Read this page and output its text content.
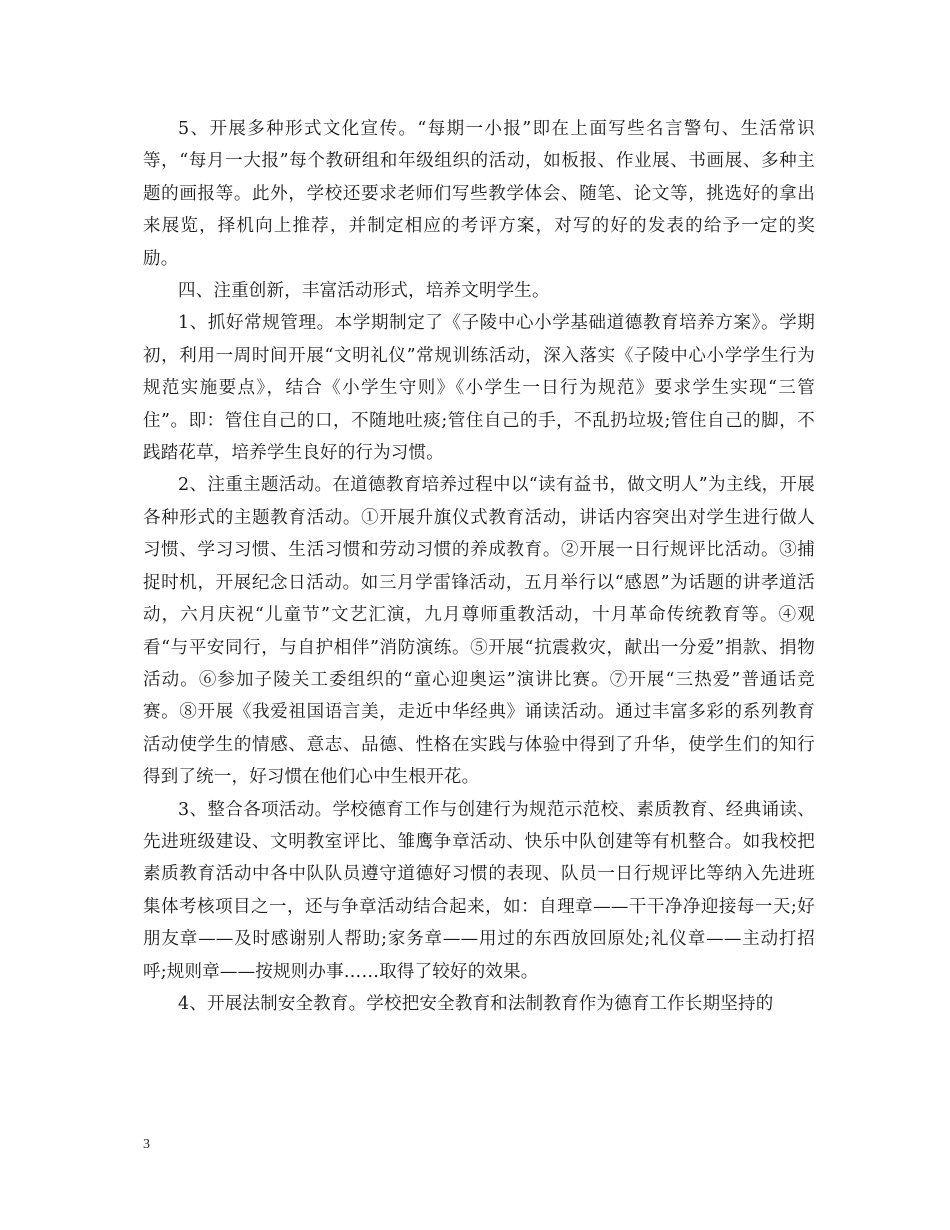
5、开展多种形式文化宣传。“每期一小报”即在上面写些名言警句、生活常识等，“每月一大报”每个教研组和年级组织的活动，如板报、作业展、书画展、多种主题的画报等。此外，学校还要求老师们写些教学体会、随笔、论文等，挑选好的拿出来展览，择机向上推荐，并制定相应的考评方案，对写的好的发表的给予一定的奖励。

四、注重创新，丰富活动形式，培养文明学生。

1、抓好常规管理。本学期制定了《子陵中心小学基础道德教育培养方案》。学期初，利用一周时间开展“文明礼仪”常规训练活动，深入落实《子陵中心小学学生行为规范实施要点》，结合《小学生守则》《小学生一日行为规范》要求学生实现“三管住”。即：管住自己的口，不随地吐痰;管住自己的手，不乱扔垃圾;管住自己的脚，不践踏花草，培养学生良好的行为习惯。

2、注重主题活动。在道德教育培养过程中以“读有益书，做文明人”为主线，开展各种形式的主题教育活动。①开展升旗仪式教育活动，讲话内容突出对学生进行做人习惯、学习习惯、生活习惯和劳动习惯的养成教育。②开展一日行规评比活动。③捕捉时机，开展纪念日活动。如三月学雷锋活动，五月举行以“感恩”为话题的讲孝道活动，六月庆祝“儿童节”文艺汇演，九月尊师重教活动，十月革命传统教育等。④观看“与平安同行，与自护相伴”消防演练。⑤开展“抗震救灾，献出一分爱”捐款、捐物活动。⑥参加子陵关工委组织的“童心迎奥运”演讲比赛。⑦开展“三热爱”普通话竞赛。⑧开展《我爱祖国语言美，走近中华经典》诵读活动。通过丰富多彩的系列教育活动使学生的情感、意志、品德、性格在实践与体验中得到了升华，使学生们的知行得到了统一，好习惯在他们心中生根开花。

3、整合各项活动。学校德育工作与创建行为规范示范校、素质教育、经典诵读、先进班级建设、文明教室评比、雏鹰争章活动、快乐中队创建等有机整合。如我校把素质教育活动中各中队队员遵守道德好习惯的表现、队员一日行规评比等纳入先进班集体考核项目之一，还与争章活动结合起来，如：自理章——干干净净迎接每一天;好朋友章——及时感谢别人帮助;家务章——用过的东西放回原处;礼仪章——主动打招呼;规则章——按规则办事……取得了较好的效果。

4、开展法制安全教育。学校把安全教育和法制教育作为德育工作长期坚持的

3
